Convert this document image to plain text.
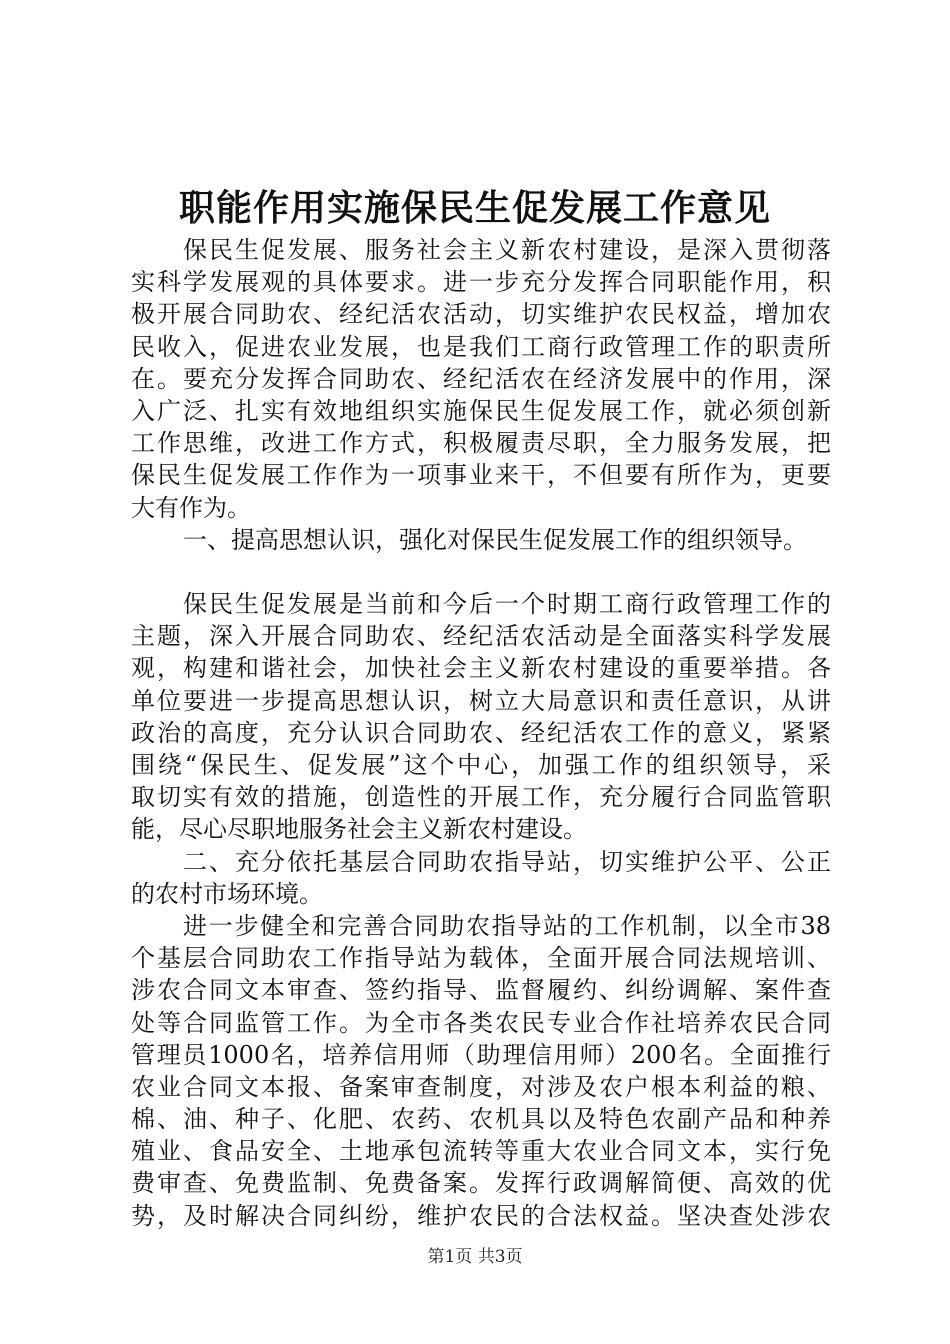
职能作用实施保民生促发展工作意见
保民生促发展、服务社会主义新农村建设，是深入贯彻落
实科学发展观的具体要求。进一步充分发挥合同职能作用，积
极开展合同助农、经纪活农活动，切实维护农民权益，增加农
民收入，促进农业发展，也是我们工商行政管理工作的职责所
在。要充分发挥合同助农、经纪活农在经济发展中的作用，深
入广泛、扎实有效地组织实施保民生促发展工作，就必须创新
工作思维，改进工作方式，积极履责尽职，全力服务发展，把
保民生促发展工作作为一项事业来干，不但要有所作为，更要
大有作为。
一、提高思想认识，强化对保民生促发展工作的组织领导。
保民生促发展是当前和今后一个时期工商行政管理工作的
主题，深入开展合同助农、经纪活农活动是全面落实科学发展
观，构建和谐社会，加快社会主义新农村建设的重要举措。各
单位要进一步提高思想认识，树立大局意识和责任意识，从讲
政治的高度，充分认识合同助农、经纪活农工作的意义，紧紧
围绕“保民生、促发展”这个中心，加强工作的组织领导，采
取切实有效的措施，创造性的开展工作，充分履行合同监管职
能，尽心尽职地服务社会主义新农村建设。
二、充分依托基层合同助农指导站，切实维护公平、公正
的农村市场环境。
进一步健全和完善合同助农指导站的工作机制，以全市38
个基层合同助农工作指导站为载体，全面开展合同法规培训、
涉农合同文本审查、签约指导、监督履约、纠纷调解、案件查
处等合同监管工作。为全市各类农民专业合作社培养农民合同
管理员1000名，培养信用师（助理信用师）200名。全面推行
农业合同文本报、备案审查制度，对涉及农户根本利益的粮、
棉、油、种子、化肥、农药、农机具以及特色农副产品和种养
殖业、食品安全、土地承包流转等重大农业合同文本，实行免
费审查、免费监制、免费备案。发挥行政调解简便、高效的优
势，及时解决合同纠纷，维护农民的合法权益。坚决查处涉农
第1页 共3页
